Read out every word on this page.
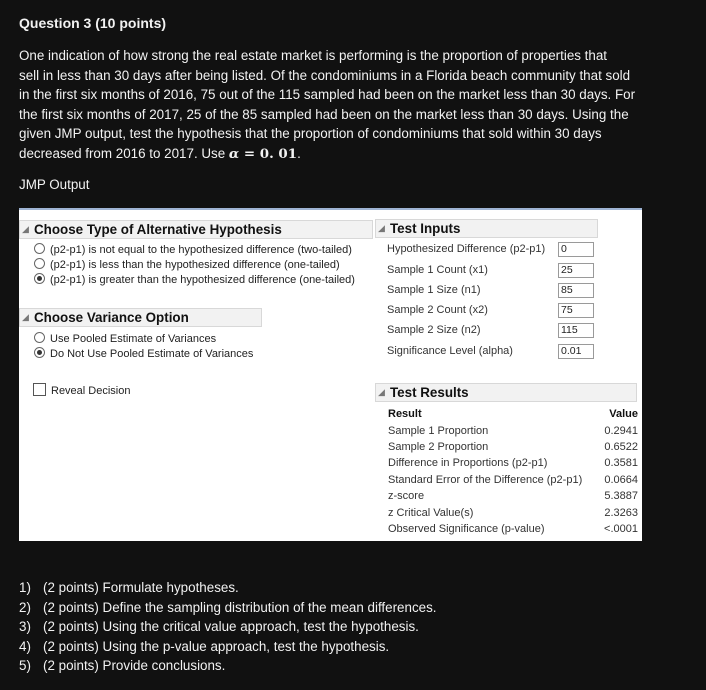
Question 3 (10 points)
One indication of how strong the real estate market is performing is the proportion of properties that
sell in less than 30 days after being listed. Of the condominiums in a Florida beach community that sold
in the first six months of 2016, 75 out of the 115 sampled had been on the market less than 30 days. For
the first six months of 2017, 25 of the 85 sampled had been on the market less than 30 days. Using the
given JMP output, test the hypothesis that the proportion of condominiums that sold within 30 days
decreased from 2016 to 2017. Use α = 0. 01.
JMP Output
◢ Choose Type of Alternative Hypothesis
(p2-p1) is not equal to the hypothesized difference (two-tailed)
(p2-p1) is less than the hypothesized difference (one-tailed)
(p2-p1) is greater than the hypothesized difference (one-tailed)
◢ Choose Variance Option
Use Pooled Estimate of Variances
Do Not Use Pooled Estimate of Variances
Reveal Decision
◢ Test Inputs
Hypothesized Difference (p2-p1) 0
Sample 1 Count (x1)	25
Sample 1 Size (n1)	85
Sample 2 Count (x2)	75
Sample 2 Size (n2)	115
Significance Level (alpha)	0.01
◢ Test Results
Result	Value
Sample 1 Proportion	0.2941
Sample 2 Proportion	0.6522
Difference in Proportions (p2-p1)	0.3581
Standard Error of the Difference (p2-p1)	0.0664
z-score	5.3887
z Critical Value(s)	2.3263
Observed Significance (p-value)	<.0001
1) (2 points) Formulate hypotheses.
2) (2 points) Define the sampling distribution of the mean differences.
3) (2 points) Using the critical value approach, test the hypothesis.
4) (2 points) Using the p-value approach, test the hypothesis.
5) (2 points) Provide conclusions.
